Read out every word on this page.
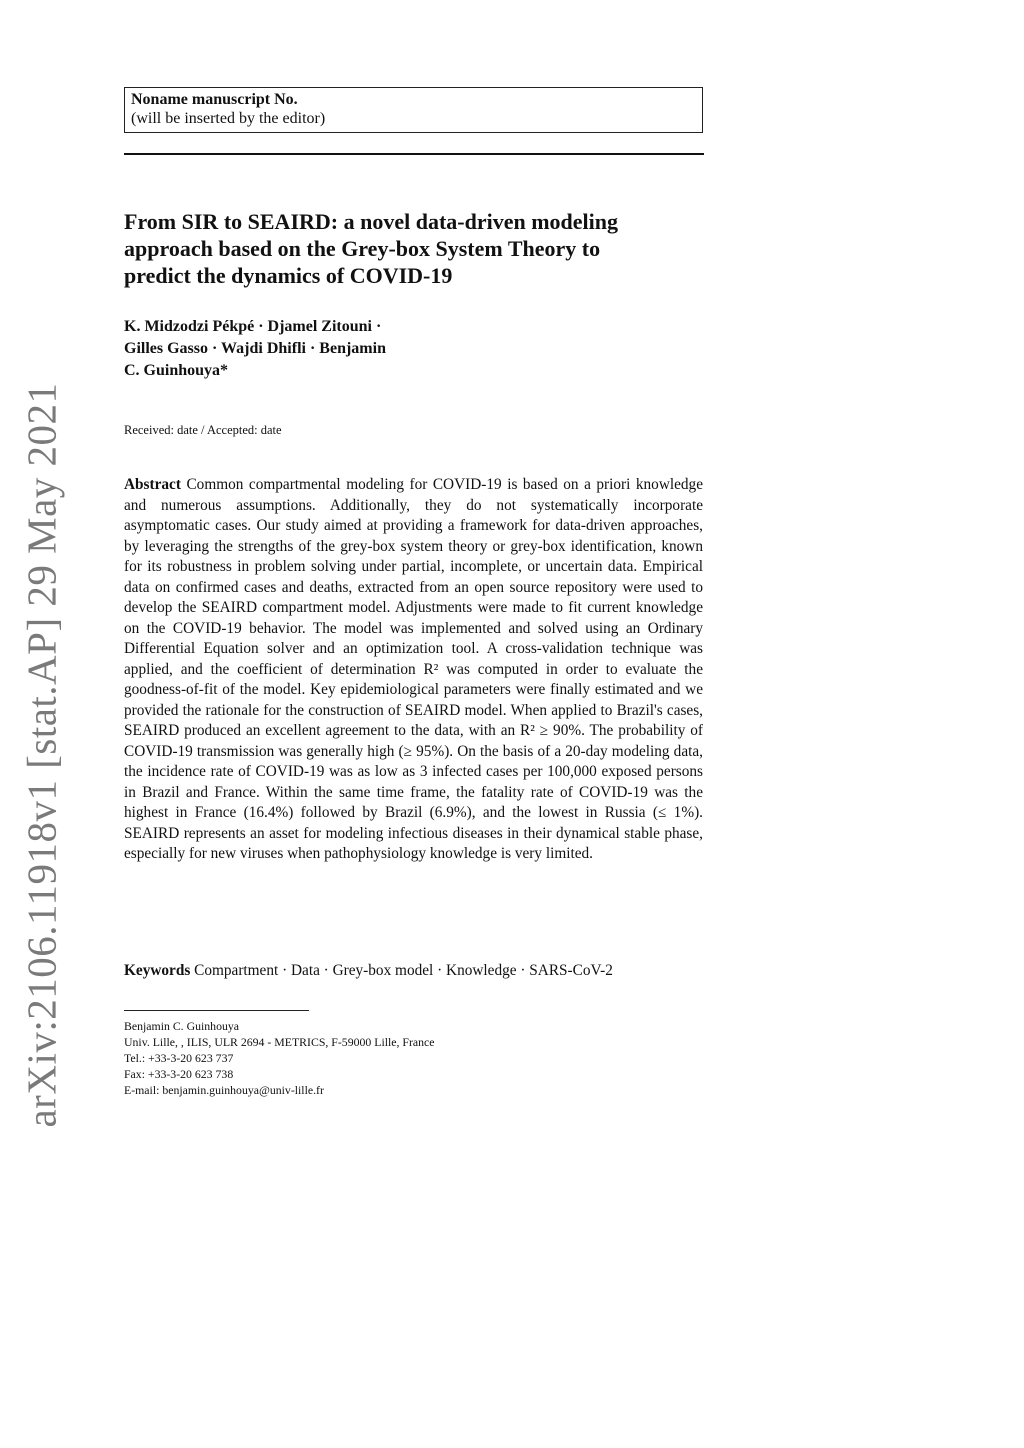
arXiv:2106.11918v1 [stat.AP] 29 May 2021
Noname manuscript No.
(will be inserted by the editor)
From SIR to SEAIRD: a novel data-driven modeling
approach based on the Grey-box System Theory to
predict the dynamics of COVID-19
K. Midzodzi Pékpé · Djamel Zitouni ·
Gilles Gasso · Wajdi Dhifli · Benjamin
C. Guinhouya*
Received: date / Accepted: date

Abstract Common compartmental modeling for COVID-19 is based on a priori knowledge and numerous assumptions. Additionally, they do not systematically incorporate asymptomatic cases. Our study aimed at providing a framework for data-driven approaches, by leveraging the strengths of the grey-box system theory or grey-box identification, known for its robustness in problem solving under partial, incomplete, or uncertain data. Empirical data on confirmed cases and deaths, extracted from an open source repository were used to develop the SEAIRD compartment model. Adjustments were made to fit current knowledge on the COVID-19 behavior. The model was implemented and solved using an Ordinary Differential Equation solver and an optimization tool. A cross-validation technique was applied, and the coefficient of determination R² was computed in order to evaluate the goodness-of-fit of the model. Key epidemiological parameters were finally estimated and we provided the rationale for the construction of SEAIRD model. When applied to Brazil's cases, SEAIRD produced an excellent agreement to the data, with an R² ≥ 90%. The probability of COVID-19 transmission was generally high (≥ 95%). On the basis of a 20-day modeling data, the incidence rate of COVID-19 was as low as 3 infected cases per 100,000 exposed persons in Brazil and France. Within the same time frame, the fatality rate of COVID-19 was the highest in France (16.4%) followed by Brazil (6.9%), and the lowest in Russia (≤ 1%). SEAIRD represents an asset for modeling infectious diseases in their dynamical stable phase, especially for new viruses when pathophysiology knowledge is very limited.

Keywords Compartment · Data · Grey-box model · Knowledge · SARS-CoV-2

Benjamin C. Guinhouya
Univ. Lille, , ILIS, ULR 2694 - METRICS, F-59000 Lille, France
Tel.: +33-3-20 623 737
Fax: +33-3-20 623 738
E-mail: benjamin.guinhouya@univ-lille.fr
